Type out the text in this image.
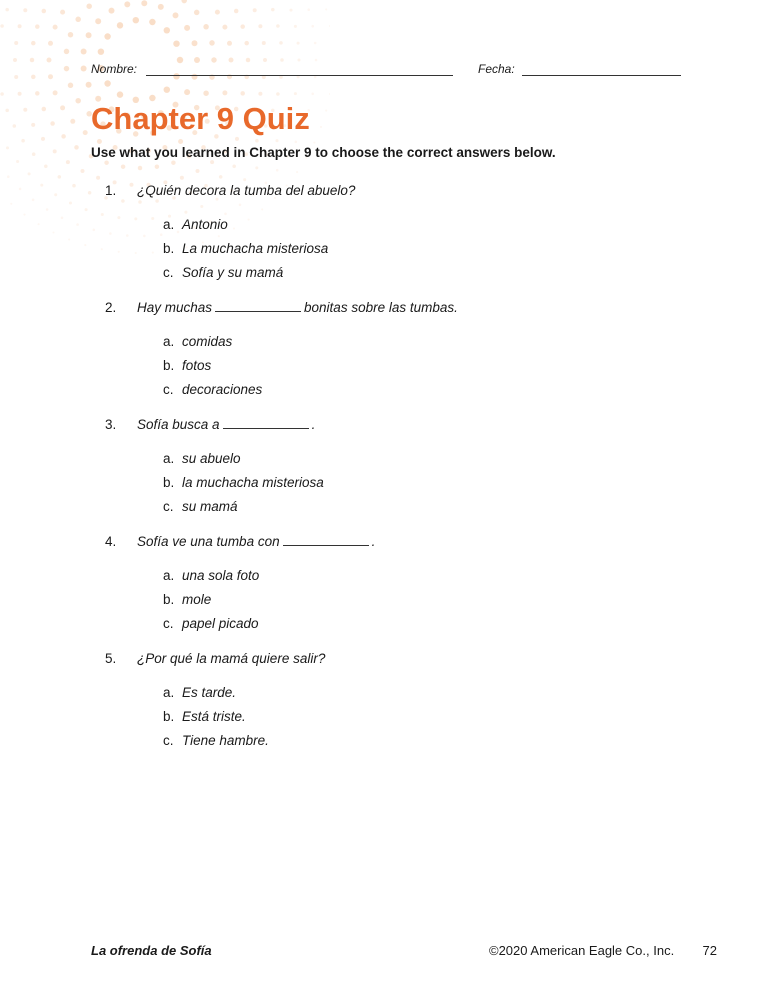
Nombre:	Fecha:
Chapter 9 Quiz
Use what you learned in Chapter 9 to choose the correct answers below.
1. ¿Quién decora la tumba del abuelo?
a. Antonio
b. La muchacha misteriosa
c. Sofía y su mamá
2. Hay muchas	bonitas sobre las tumbas.
a. comidas
b. fotos
c. decoraciones
3. Sofía busca a	.
a. su abuelo
b. la muchacha misteriosa
c. su mamá
4. Sofía ve una tumba con	.
a. una sola foto
b. mole
c. papel picado
5. ¿Por qué la mamá quiere salir?
a. Es tarde.
b. Está triste.
c. Tiene hambre.
La ofrenda de Sofía	©2020 American Eagle Co., Inc. 72
